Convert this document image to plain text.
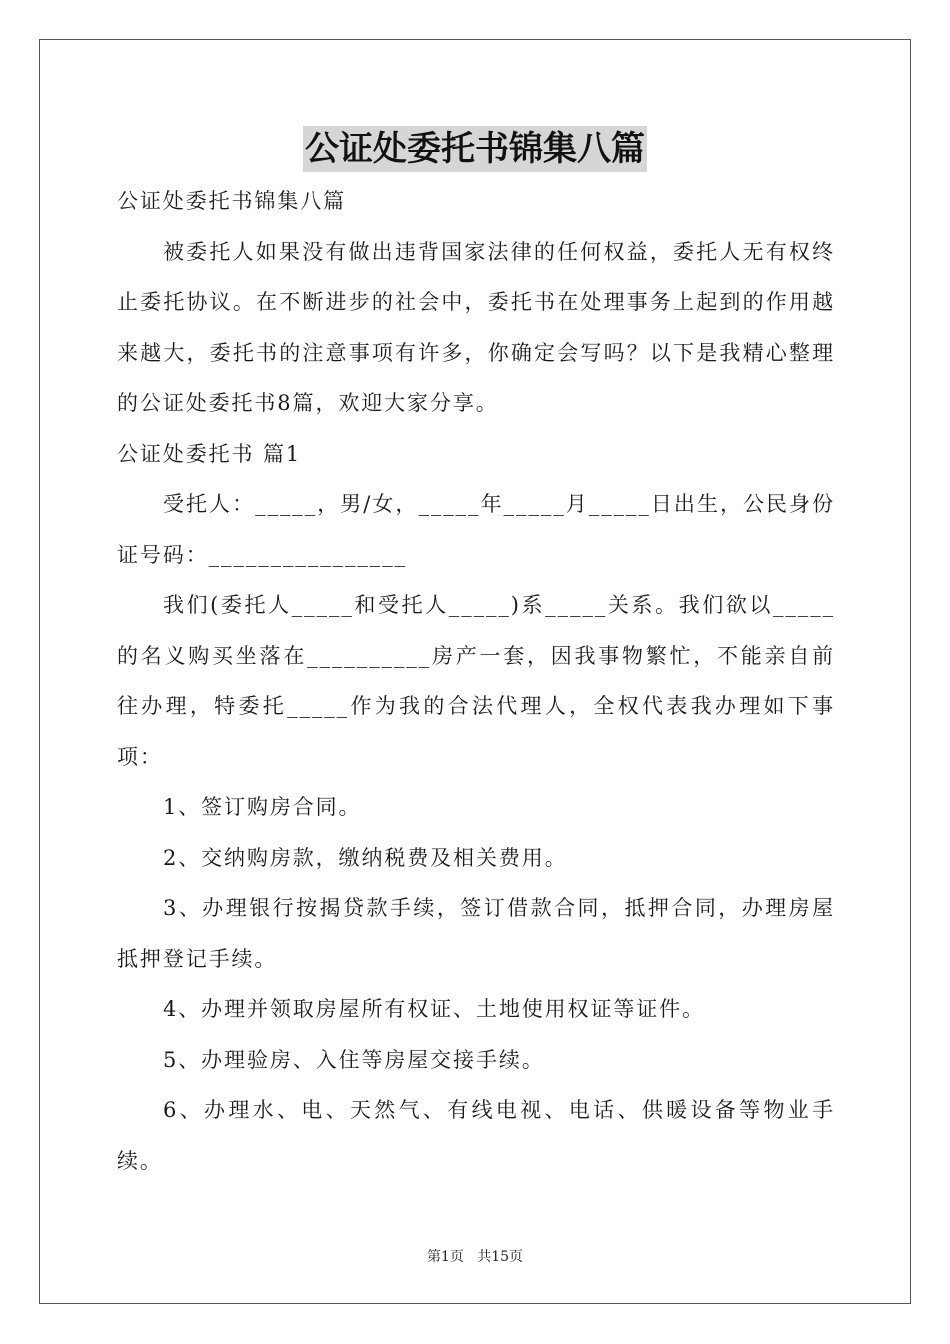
公证处委托书锦集八篇

公证处委托书锦集八篇

被委托人如果没有做出违背国家法律的任何权益，委托人无有权终止委托协议。在不断进步的社会中，委托书在处理事务上起到的作用越来越大，委托书的注意事项有许多，你确定会写吗？以下是我精心整理的公证处委托书8篇，欢迎大家分享。

公证处委托书 篇1

受托人：_____，男/女，_____年_____月_____日出生，公民身份证号码：________________

我们(委托人_____和受托人_____)系_____关系。我们欲以_____的名义购买坐落在__________房产一套，因我事物繁忙，不能亲自前往办理，特委托_____作为我的合法代理人，全权代表我办理如下事项：

1、签订购房合同。

2、交纳购房款，缴纳税费及相关费用。

3、办理银行按揭贷款手续，签订借款合同，抵押合同，办理房屋抵押登记手续。

4、办理并领取房屋所有权证、土地使用权证等证件。

5、办理验房、入住等房屋交接手续。

6、办理水、电、天然气、有线电视、电话、供暖设备等物业手续。

第1页 共15页
